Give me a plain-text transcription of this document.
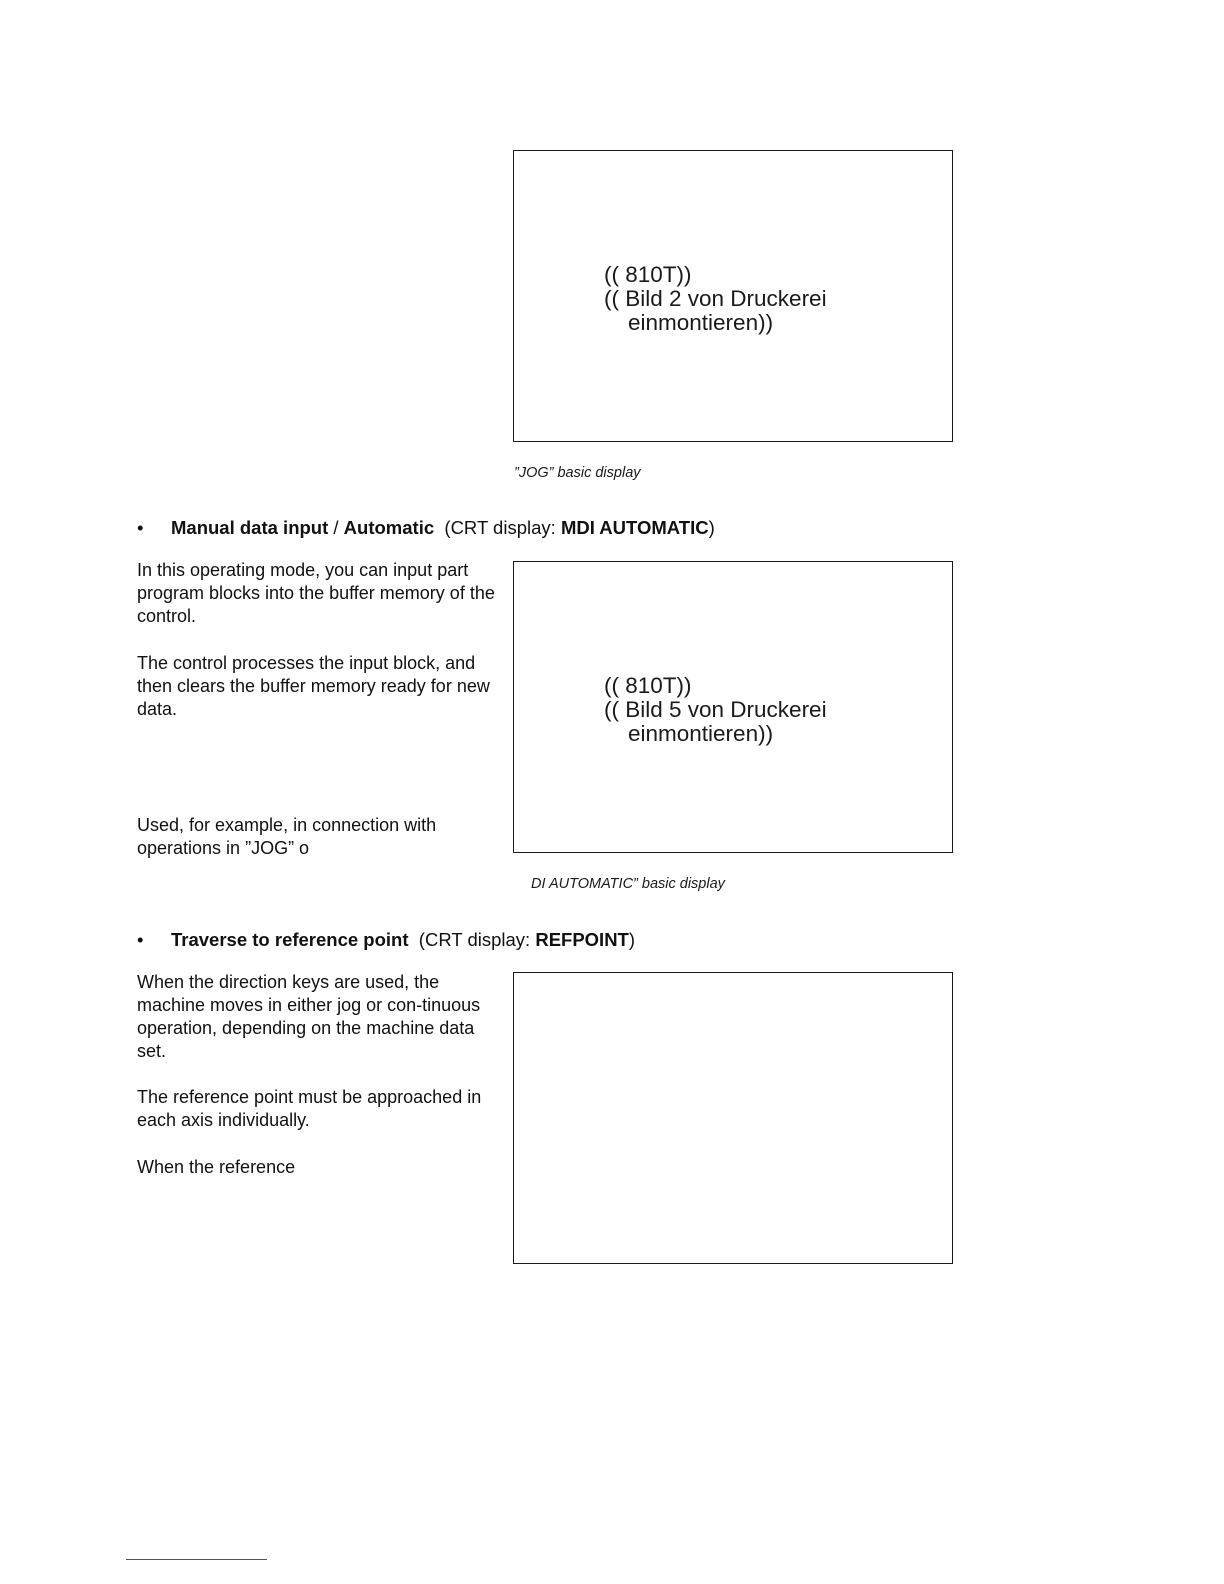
(( 810T))
(( Bild 2 von Druckerei
einmontieren))
”JOG” basic display
• Manual data input / Automatic (CRT display: MDI AUTOMATIC)
In this operating mode, you can input part program blocks into the buffer memory of the control.
The control processes the input block, and then clears the buffer memory ready for new data.
Used, for example, in connection with operations in ”JOG” o
(( 810T))
(( Bild 5 von Druckerei
einmontieren))
DI AUTOMATIC” basic display
• Traverse to reference point (CRT display: REFPOINT)
When the direction keys are used, the machine moves in either jog or con-tinuous operation, depending on the machine data set.
The reference point must be approached in each axis individually.
When the reference
